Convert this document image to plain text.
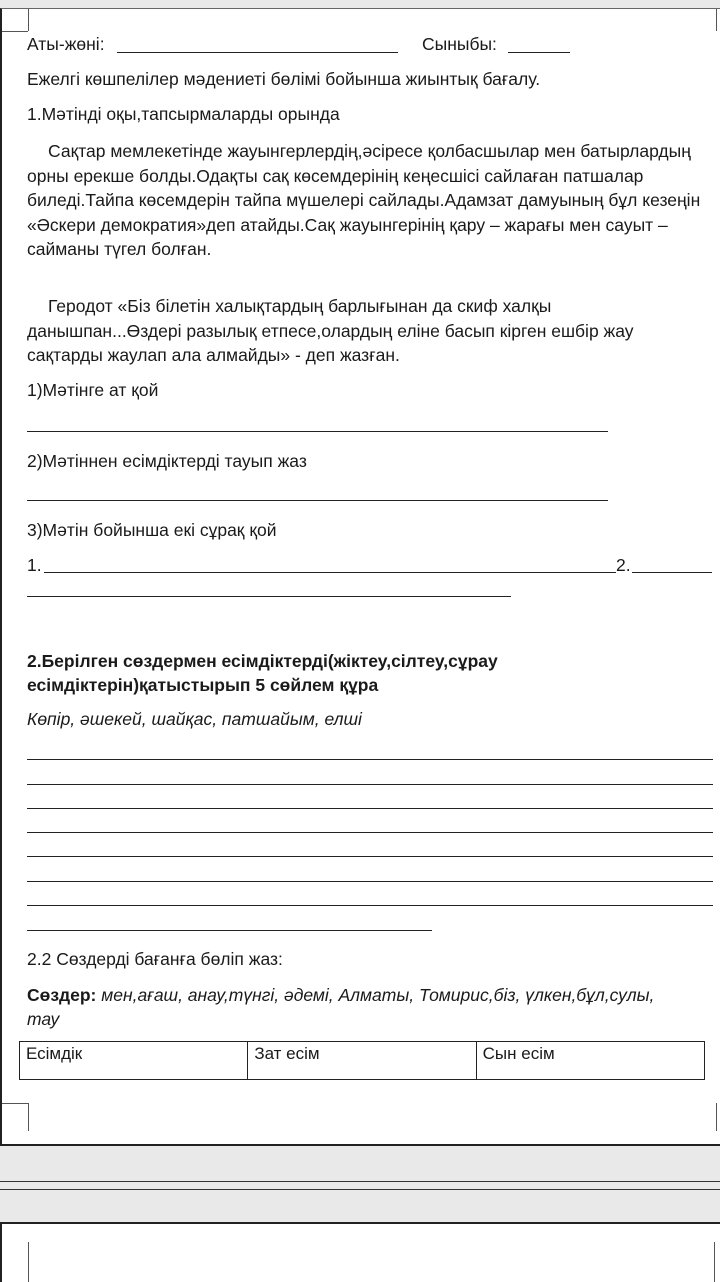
Аты-жөні:	Сыныбы:
Ежелгі көшпелілер мәдениеті бөлімі бойынша жиынтық бағалу.
1.Мәтінді оқы,тапсырмаларды орында
Сақтар мемлекетінде жауынгерлердің,әсіресе қолбасшылар мен батырлардың орны ерекше болды.Одақты сақ көсемдерінің кеңесшісі сайлаған патшалар биледі.Тайпа көсемдерін тайпа мүшелері сайлады.Адамзат дамуының бұл кезеңін «Әскери демократия»деп атайды.Сақ жауынгерінің қару – жарағы мен сауыт – сайманы түгел болған.
Геродот «Біз білетін халықтардың барлығынан да скиф халқы данышпан...Өздері разылық етпесе,олардың еліне басып кірген ешбір жау сақтарды жаулап ала алмайды» - деп жазған.
1)Мәтінге ат қой
2)Мәтіннен есімдіктерді тауып жаз
3)Мәтін бойынша екі сұрақ қой
1.	2.
2.Берілген сөздермен есімдіктерді(жіктеу,сілтеу,сұрау
есімдіктерін)қатыстырып 5 сөйлем құра
Көпір, әшекей, шайқас, патшайым, елші
2.2 Сөздерді бағанға бөліп жаз:
Сөздер: мен,ағаш, анау,түнгі, әдемі, Алматы, Томирис,біз, үлкен,бұл,сулы,
тау
Есімдік	Зат есім	Сын есім
